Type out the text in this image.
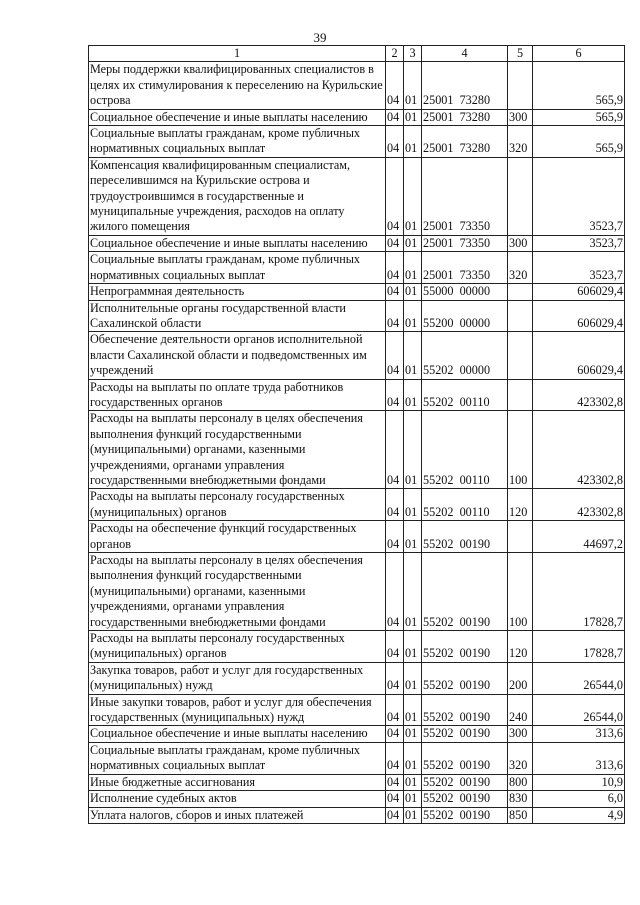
39
1	2	3	4	5	6
Меры поддержки квалифицированных специалистов в целях их стимулирования к переселению на Курильские острова	04	01	25001  73280		565,9
Социальное обеспечение и иные выплаты населению	04	01	25001  73280	300	565,9
Социальные выплаты гражданам, кроме публичных нормативных социальных выплат	04	01	25001  73280	320	565,9
Компенсация квалифицированным специалистам, переселившимся на Курильские острова и трудоустроившимся в государственные и муниципальные учреждения, расходов на оплату жилого помещения	04	01	25001  73350		3523,7
Социальное обеспечение и иные выплаты населению	04	01	25001  73350	300	3523,7
Социальные выплаты гражданам, кроме публичных нормативных социальных выплат	04	01	25001  73350	320	3523,7
Непрограммная деятельность	04	01	55000  00000		606029,4
Исполнительные органы государственной власти Сахалинской области	04	01	55200  00000		606029,4
Обеспечение деятельности органов исполнительной власти Сахалинской области и подведомственных им учреждений	04	01	55202  00000		606029,4
Расходы на выплаты по оплате труда работников государственных органов	04	01	55202  00110		423302,8
Расходы на выплаты персоналу в целях обеспечения выполнения функций государственными (муниципальными) органами, казенными учреждениями, органами управления государственными внебюджетными фондами	04	01	55202  00110	100	423302,8
Расходы на выплаты персоналу государственных (муниципальных) органов	04	01	55202  00110	120	423302,8
Расходы на обеспечение функций государственных органов	04	01	55202  00190		44697,2
Расходы на выплаты персоналу в целях обеспечения выполнения функций государственными (муниципальными) органами, казенными учреждениями, органами управления государственными внебюджетными фондами	04	01	55202  00190	100	17828,7
Расходы на выплаты персоналу государственных (муниципальных) органов	04	01	55202  00190	120	17828,7
Закупка товаров, работ и услуг для государственных (муниципальных) нужд	04	01	55202  00190	200	26544,0
Иные закупки товаров, работ и услуг для обеспечения государственных (муниципальных) нужд	04	01	55202  00190	240	26544,0
Социальное обеспечение и иные выплаты населению	04	01	55202  00190	300	313,6
Социальные выплаты гражданам, кроме публичных нормативных социальных выплат	04	01	55202  00190	320	313,6
Иные бюджетные ассигнования	04	01	55202  00190	800	10,9
Исполнение судебных актов	04	01	55202  00190	830	6,0
Уплата налогов, сборов и иных платежей	04	01	55202  00190	850	4,9
